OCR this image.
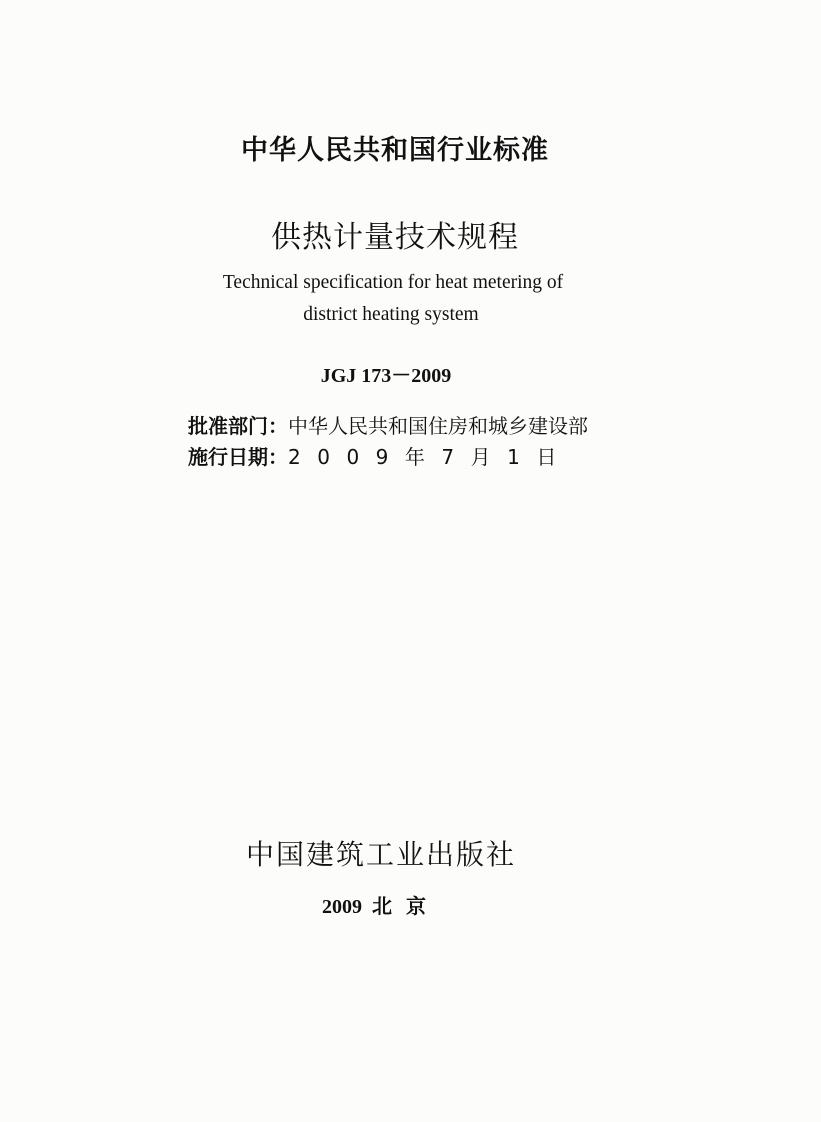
中华人民共和国行业标准
供热计量技术规程
Technical specification for heat metering of
district heating system
JGJ 173－2009
批准部门：中华人民共和国住房和城乡建设部
施行日期：2009年7月1日
中国建筑工业出版社
2009 北京
